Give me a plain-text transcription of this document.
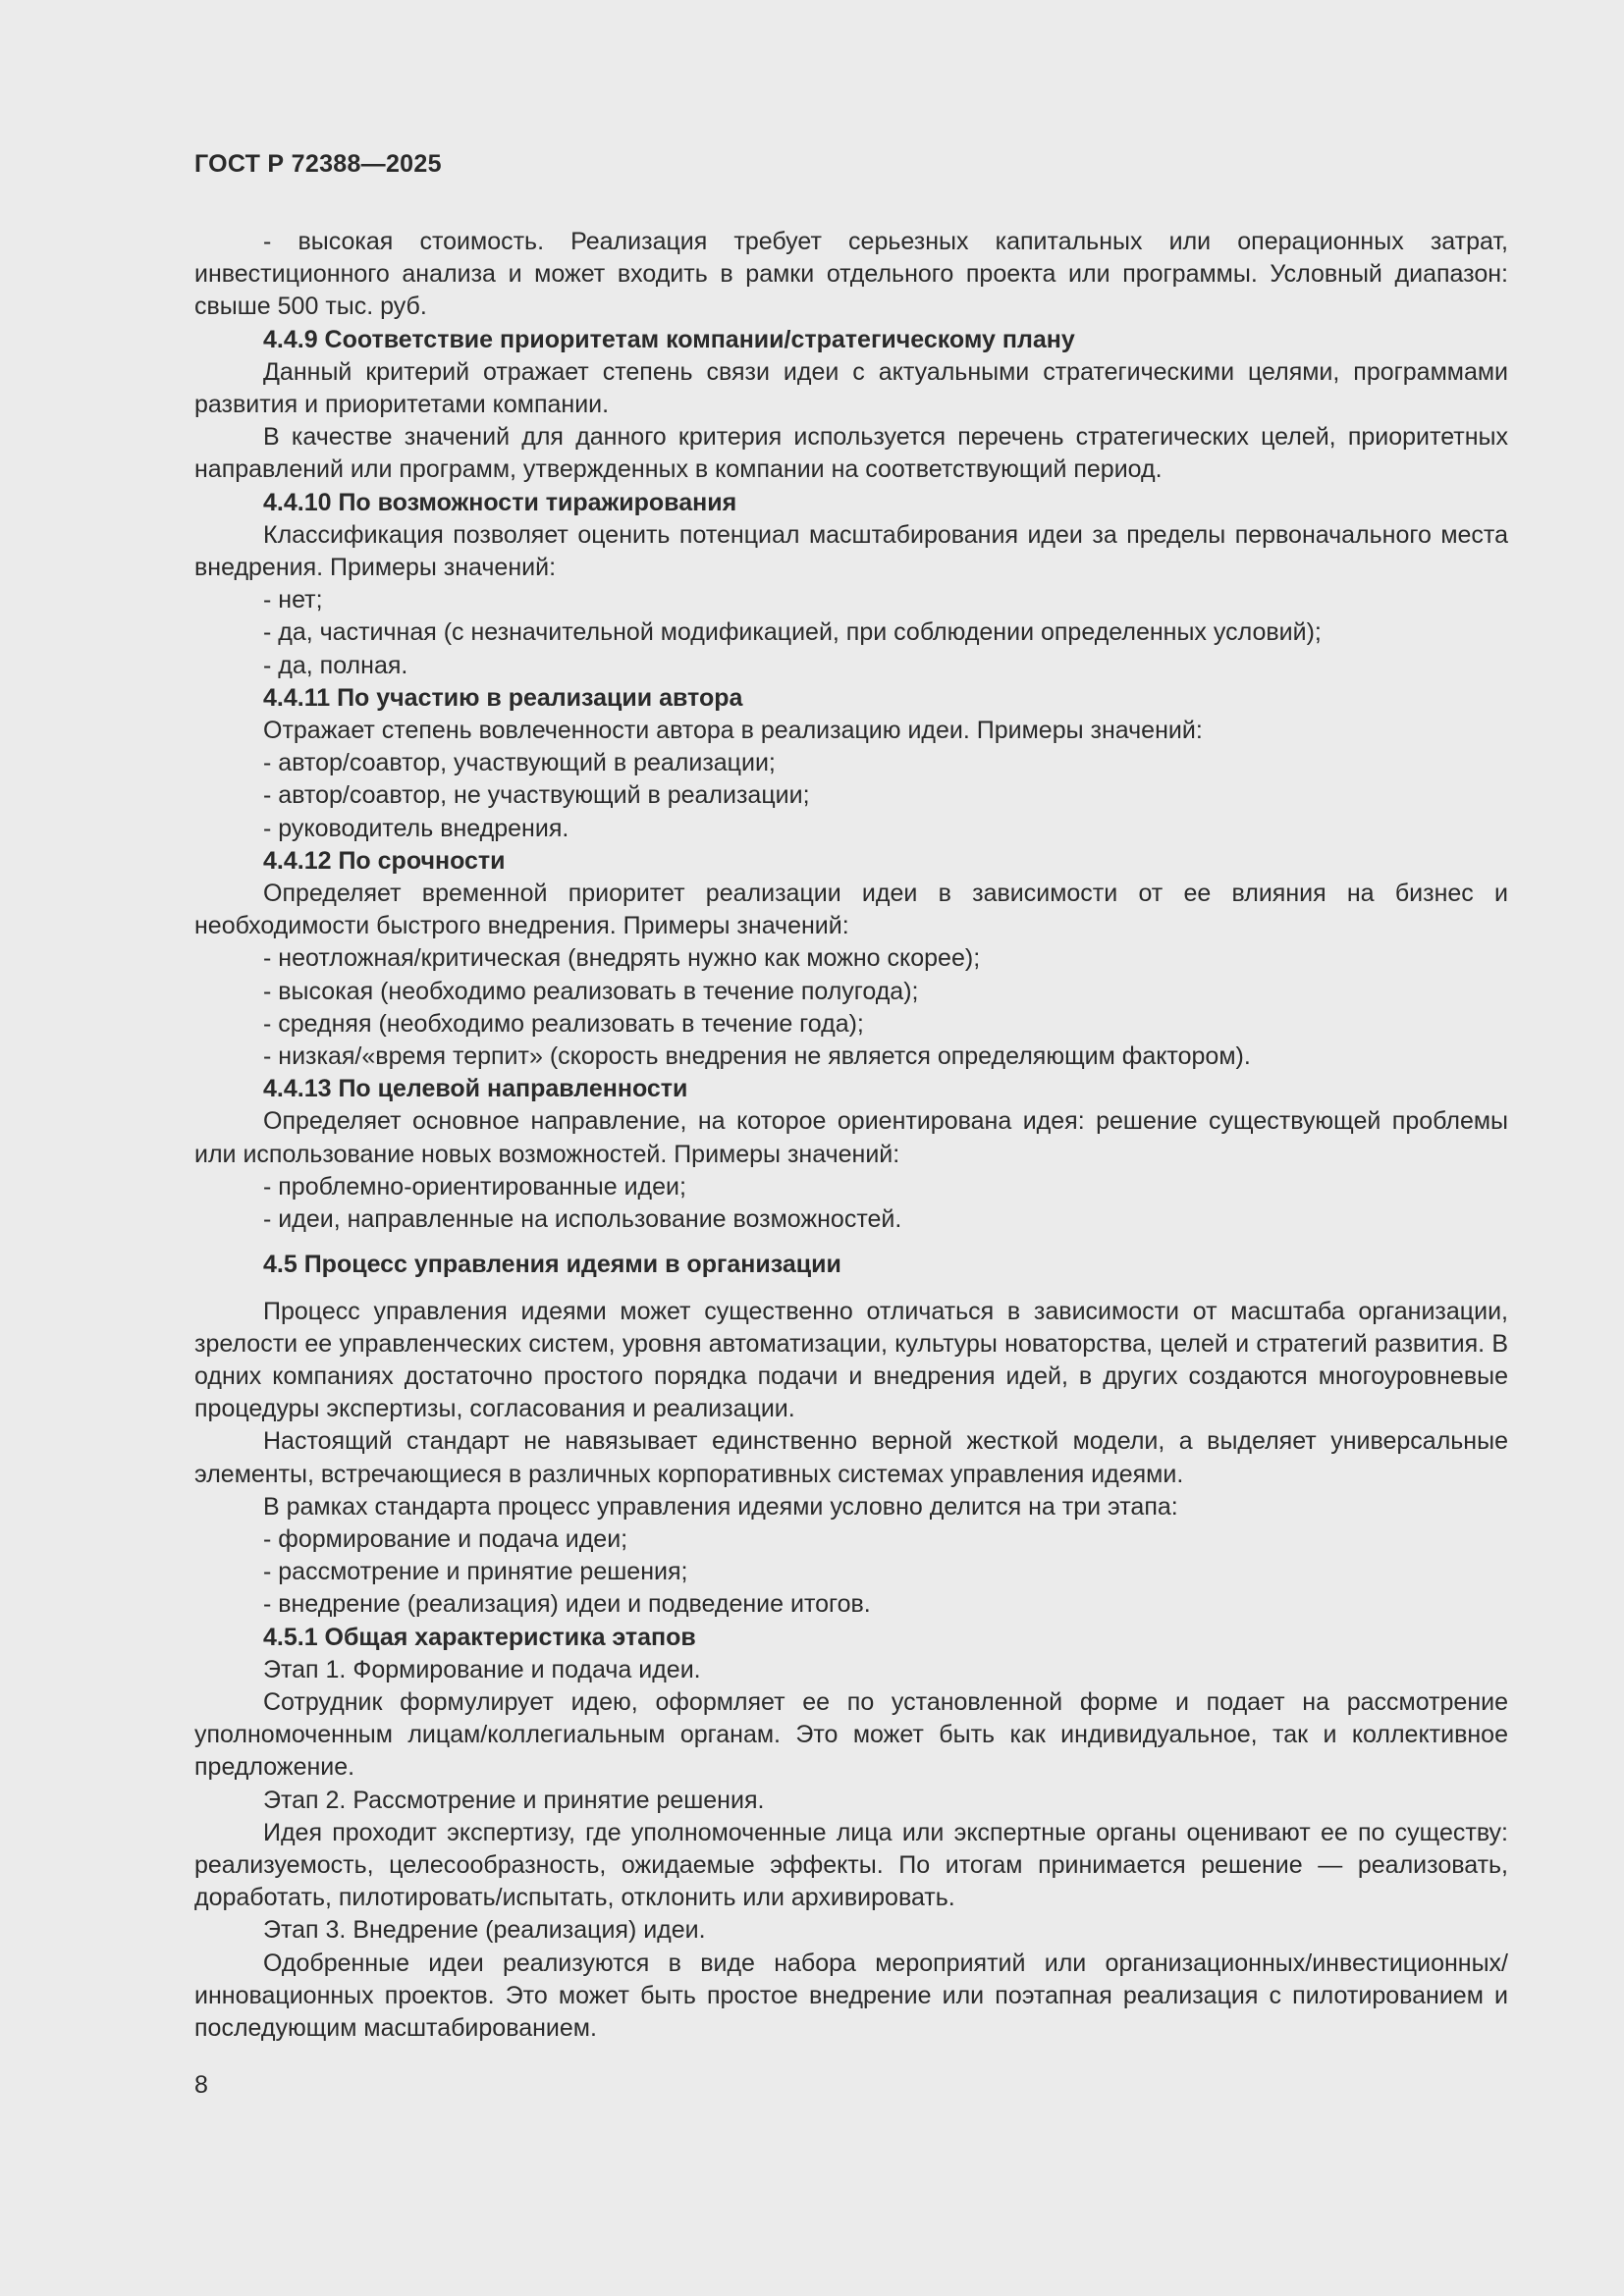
ГОСТ Р 72388—2025

- высокая стоимость. Реализация требует серьезных капитальных или операционных затрат, инвестиционного анализа и может входить в рамки отдельного проекта или программы. Условный диапазон: свыше 500 тыс. руб.

4.4.9 Соответствие приоритетам компании/стратегическому плану

Данный критерий отражает степень связи идеи с актуальными стратегическими целями, программами развития и приоритетами компании.

В качестве значений для данного критерия используется перечень стратегических целей, приоритетных направлений или программ, утвержденных в компании на соответствующий период.

4.4.10 По возможности тиражирования

Классификация позволяет оценить потенциал масштабирования идеи за пределы первоначального места внедрения. Примеры значений:

- нет;

- да, частичная (с незначительной модификацией, при соблюдении определенных условий);

- да, полная.

4.4.11 По участию в реализации автора

Отражает степень вовлеченности автора в реализацию идеи. Примеры значений:

- автор/соавтор, участвующий в реализации;

- автор/соавтор, не участвующий в реализации;

- руководитель внедрения.

4.4.12 По срочности

Определяет временной приоритет реализации идеи в зависимости от ее влияния на бизнес и необходимости быстрого внедрения. Примеры значений:

- неотложная/критическая (внедрять нужно как можно скорее);

- высокая (необходимо реализовать в течение полугода);

- средняя (необходимо реализовать в течение года);

- низкая/«время терпит» (скорость внедрения не является определяющим фактором).

4.4.13 По целевой направленности

Определяет основное направление, на которое ориентирована идея: решение существующей проблемы или использование новых возможностей. Примеры значений:

- проблемно-ориентированные идеи;

- идеи, направленные на использование возможностей.

4.5 Процесс управления идеями в организации

Процесс управления идеями может существенно отличаться в зависимости от масштаба организации, зрелости ее управленческих систем, уровня автоматизации, культуры новаторства, целей и стратегий развития. В одних компаниях достаточно простого порядка подачи и внедрения идей, в других создаются многоуровневые процедуры экспертизы, согласования и реализации.

Настоящий стандарт не навязывает единственно верной жесткой модели, а выделяет универсальные элементы, встречающиеся в различных корпоративных системах управления идеями.

В рамках стандарта процесс управления идеями условно делится на три этапа:

- формирование и подача идеи;

- рассмотрение и принятие решения;

- внедрение (реализация) идеи и подведение итогов.

4.5.1 Общая характеристика этапов

Этап 1. Формирование и подача идеи.

Сотрудник формулирует идею, оформляет ее по установленной форме и подает на рассмотрение уполномоченным лицам/коллегиальным органам. Это может быть как индивидуальное, так и коллективное предложение.

Этап 2. Рассмотрение и принятие решения.

Идея проходит экспертизу, где уполномоченные лица или экспертные органы оценивают ее по существу: реализуемость, целесообразность, ожидаемые эффекты. По итогам принимается решение — реализовать, доработать, пилотировать/испытать, отклонить или архивировать.

Этап 3. Внедрение (реализация) идеи.

Одобренные идеи реализуются в виде набора мероприятий или организационных/инвестиционных/инновационных проектов. Это может быть простое внедрение или поэтапная реализация с пилотированием и последующим масштабированием.

8
